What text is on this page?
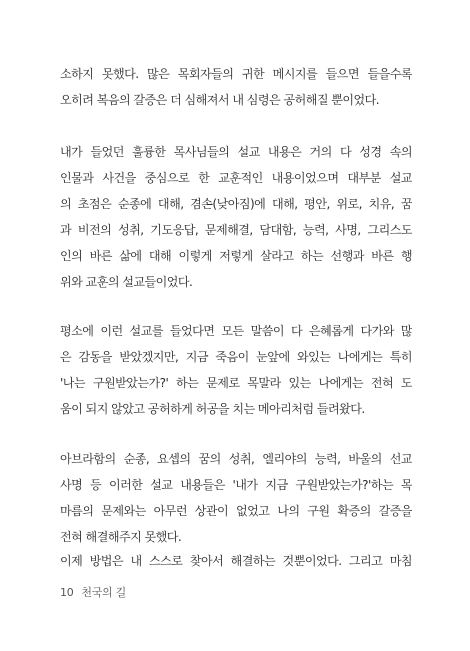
소하지 못했다. 많은 목회자들의 귀한 메시지를 들으면 들을수록
오히려 복음의 갈증은 더 심해져서 내 심령은 공허해질 뿐이었다.
내가 들었던 훌륭한 목사님들의 설교 내용은 거의 다 성경 속의
인물과 사건을 중심으로 한 교훈적인 내용이었으며 대부분 설교
의 초점은 순종에 대해, 겸손(낮아짐)에 대해, 평안, 위로, 치유, 꿈
과 비전의 성취, 기도응답, 문제해결, 담대함, 능력, 사명, 그리스도
인의 바른 삶에 대해 이렇게 저렇게 살라고 하는 선행과 바른 행
위와 교훈의 설교들이었다.
평소에 이런 설교를 들었다면 모든 말씀이 다 은혜롭게 다가와 많
은 감동을 받았겠지만, 지금 죽음이 눈앞에 와있는 나에게는 특히
'나는 구원받았는가?' 하는 문제로 목말라 있는 나에게는 전혀 도
움이 되지 않았고 공허하게 허공을 치는 메아리처럼 들려왔다.
아브라함의 순종, 요셉의 꿈의 성취, 엘리야의 능력, 바울의 선교
사명 등 이러한 설교 내용들은 '내가 지금 구원받았는가?'하는 목
마름의 문제와는 아무런 상관이 없었고 나의 구원 확증의 갈증을
전혀 해결해주지 못했다.
이제 방법은 내 스스로 찾아서 해결하는 것뿐이었다. 그리고 마침
10 천국의 길
